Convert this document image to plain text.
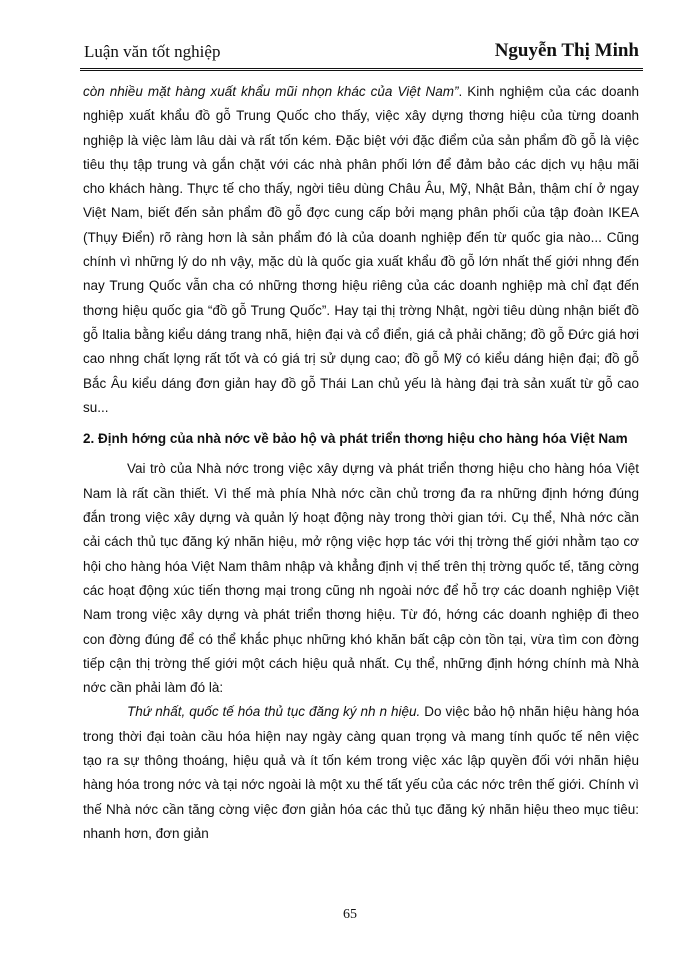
Luận văn tốt nghiệp	Nguyễn Thị Minh

còn nhiều mặt hàng xuất khẩu mũi nhọn khác của Việt Nam”. Kinh nghiệm của các doanh nghiệp xuất khẩu đồ gỗ Trung Quốc cho thấy, việc xây dựng thơng hiệu của từng doanh nghiệp là việc làm lâu dài và rất tốn kém. Đặc biệt với đặc điểm của sản phẩm đồ gỗ là việc tiêu thụ tập trung và gắn chặt với các nhà phân phối lớn để đảm bảo các dịch vụ hậu mãi cho khách hàng. Thực tế cho thấy, ngời tiêu dùng Châu Âu, Mỹ, Nhật Bản, thậm chí ở ngay Việt Nam, biết đến sản phẩm đồ gỗ đợc cung cấp bởi mạng phân phối của tập đoàn IKEA (Thụy Điển) rõ ràng hơn là sản phẩm đó là của doanh nghiệp đến từ quốc gia nào... Cũng chính vì những lý do nh vậy, mặc dù là quốc gia xuất khẩu đồ gỗ lớn nhất thế giới nhng đến nay Trung Quốc vẫn cha có những thơng hiệu riêng của các doanh nghiệp mà chỉ đạt đến thơng hiệu quốc gia “đồ gỗ Trung Quốc”. Hay tại thị trờng Nhật, ngời tiêu dùng nhận biết đồ gỗ Italia bằng kiểu dáng trang nhã, hiện đại và cổ điển, giá cả phải chăng; đồ gỗ Đức giá hơi cao nhng chất lợng rất tốt và có giá trị sử dụng cao; đồ gỗ Mỹ có kiểu dáng hiện đại; đồ gỗ Bắc Âu kiểu dáng đơn giản hay đồ gỗ Thái Lan chủ yếu là hàng đại trà sản xuất từ gỗ cao su...

2. Định hớng của nhà nớc về bảo hộ và phát triển thơng hiệu cho hàng hóa Việt Nam

Vai trò của Nhà nớc trong việc xây dựng và phát triển thơng hiệu cho hàng hóa Việt Nam là rất cần thiết. Vì thế mà phía Nhà nớc cần chủ trơng đa ra những định hớng đúng đắn trong việc xây dựng và quản lý hoạt động này trong thời gian tới. Cụ thể, Nhà nớc cần cải cách thủ tục đăng ký nhãn hiệu, mở rộng việc hợp tác với thị trờng thế giới nhằm tạo cơ hội cho hàng hóa Việt Nam thâm nhập và khẳng định vị thế trên thị trờng quốc tế, tăng cờng các hoạt động xúc tiến thơng mại trong cũng nh ngoài nớc để hỗ trợ các doanh nghiệp Việt Nam trong việc xây dựng và phát triển thơng hiệu. Từ đó, hớng các doanh nghiệp đi theo con đờng đúng để có thể khắc phục những khó khăn bất cập còn tồn tại, vừa tìm con đờng tiếp cận thị trờng thế giới một cách hiệu quả nhất. Cụ thể, những định hớng chính mà Nhà nớc cần phải làm đó là:

Thứ nhất, quốc tế hóa thủ tục đăng ký nh n hiệu. Do việc bảo hộ nhãn hiệu hàng hóa trong thời đại toàn cầu hóa hiện nay ngày càng quan trọng và mang tính quốc tế nên việc tạo ra sự thông thoáng, hiệu quả và ít tốn kém trong việc xác lập quyền đối với nhãn hiệu hàng hóa trong nớc và tại nớc ngoài là một xu thế tất yếu của các nớc trên thế giới. Chính vì thế Nhà nớc cần tăng cờng việc đơn giản hóa các thủ tục đăng ký nhãn hiệu theo mục tiêu: nhanh hơn, đơn giản

65
